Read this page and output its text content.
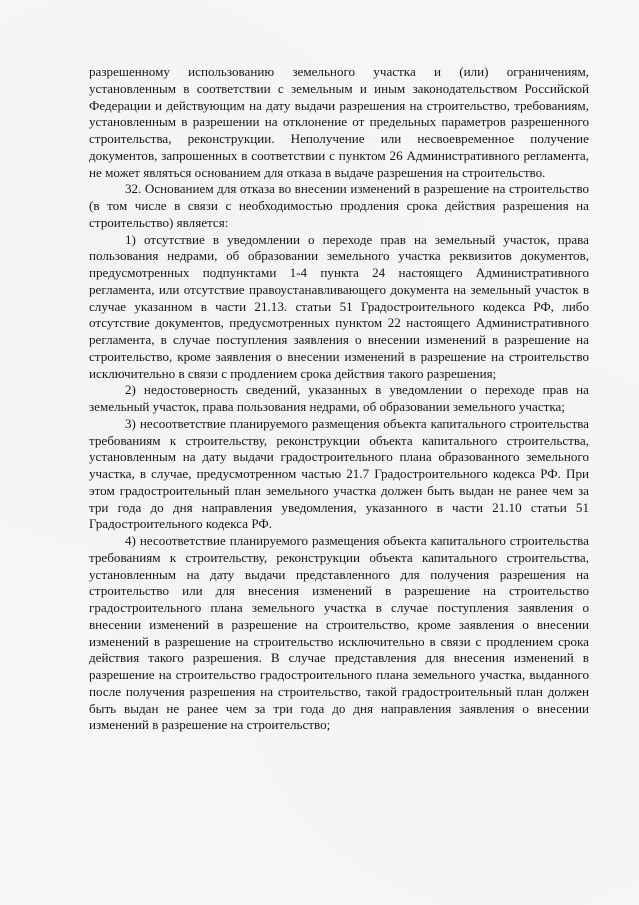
разрешенному использованию земельного участка и (или) ограничениям, установленным в соответствии с земельным и иным законодательством Российской Федерации и действующим на дату выдачи разрешения на строительство, требованиям, установленным в разрешении на отклонение от предельных параметров разрешенного строительства, реконструкции. Неполучение или несвоевременное получение документов, запрошенных в соответствии с пунктом 26 Административного регламента, не может являться основанием для отказа в выдаче разрешения на строительство.

32. Основанием для отказа во внесении изменений в разрешение на строительство (в том числе в связи с необходимостью продления срока действия разрешения на строительство) является:

1) отсутствие в уведомлении о переходе прав на земельный участок, права пользования недрами, об образовании земельного участка реквизитов документов, предусмотренных подпунктами 1-4 пункта 24 настоящего Административного регламента, или отсутствие правоустанавливающего документа на земельный участок в случае указанном в части 21.13. статьи 51 Градостроительного кодекса РФ, либо отсутствие документов, предусмотренных пунктом 22 настоящего Административного регламента, в случае поступления заявления о внесении изменений в разрешение на строительство, кроме заявления о внесении изменений в разрешение на строительство исключительно в связи с продлением срока действия такого разрешения;

2) недостоверность сведений, указанных в уведомлении о переходе прав на земельный участок, права пользования недрами, об образовании земельного участка;

3) несоответствие планируемого размещения объекта капитального строительства требованиям к строительству, реконструкции объекта капитального строительства, установленным на дату выдачи градостроительного плана образованного земельного участка, в случае, предусмотренном частью 21.7 Градостроительного кодекса РФ. При этом градостроительный план земельного участка должен быть выдан не ранее чем за три года до дня направления уведомления, указанного в части 21.10 статьи 51 Градостроительного кодекса РФ.

4) несоответствие планируемого размещения объекта капитального строительства требованиям к строительству, реконструкции объекта капитального строительства, установленным на дату выдачи представленного для получения разрешения на строительство или для внесения изменений в разрешение на строительство градостроительного плана земельного участка в случае поступления заявления о внесении изменений в разрешение на строительство, кроме заявления о внесении изменений в разрешение на строительство исключительно в связи с продлением срока действия такого разрешения. В случае представления для внесения изменений в разрешение на строительство градостроительного плана земельного участка, выданного после получения разрешения на строительство, такой градостроительный план должен быть выдан не ранее чем за три года до дня направления заявления о внесении изменений в разрешение на строительство;
